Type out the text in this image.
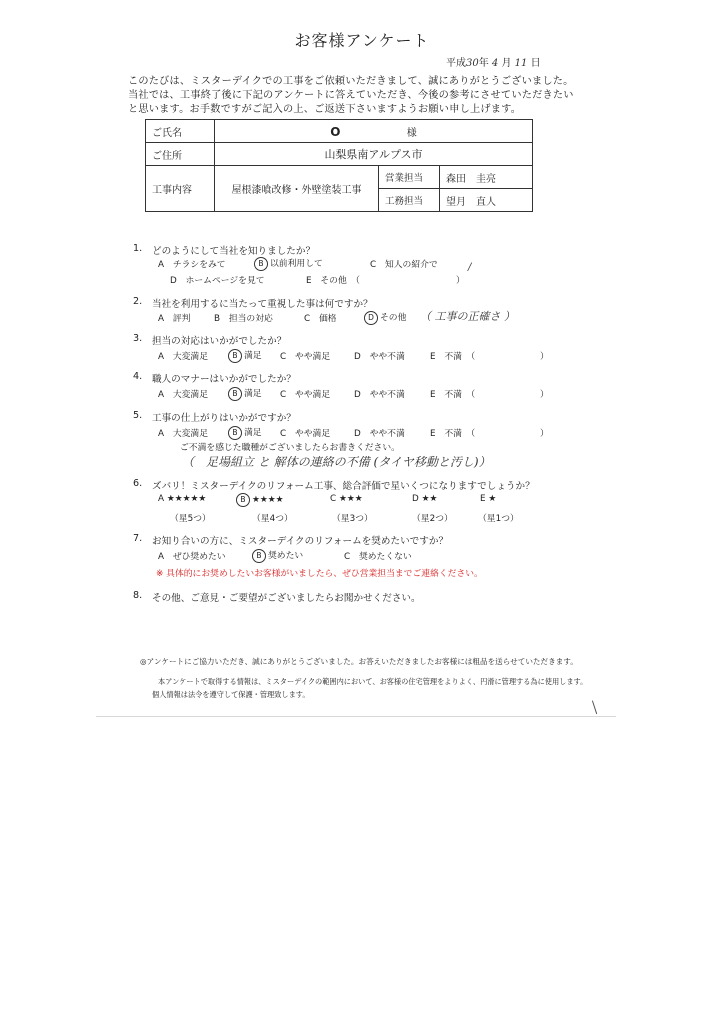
お客様アンケート
平成30年 4 月 11 日
このたびは、ミスターデイクでの工事をご依頼いただきまして、誠にありがとうございました。
当社では、工事終了後に下記のアンケートに答えていただき、今後の参考にさせていただきたい
と思います。お手数ですがご記入の上、ご返送下さいますようお願い申し上げます。
ご氏名	O 様		
ご住所	山梨県南アルプス市		
工事内容	屋根漆喰改修・外壁塗装工事	営業担当	森田　圭亮
		工務担当	望月　直人
1. どのようにして当社を知りましたか？
A　チラシをみて	B 以前利用して	C　知人の紹介で
D　ホームページを見て	E　その他　（	）
/
2. 当社を利用するに当たって重視した事は何ですか？
A　評判	B　担当の対応	C　価格	D その他 （ 工事の正確さ ）
3. 担当の対応はいかがでしたか？
A　大変満足	B 満足 C　やや満足	D　やや不満	E　不満　（	）
4. 職人のマナーはいかがでしたか？
A　大変満足	B 満足 C　やや満足	D　やや不満	E　不満　（	）
5. 工事の仕上がりはいかがですか？
A　大変満足	B 満足 C　やや満足	D　やや不満	E　不満　（	）
ご不満を感じた職種がございましたらお書きください。
（　足場組立 と 解体の連絡の不備 (タイヤ移動と汚し)）
6. ズバリ！ミスターデイクのリフォーム工事、総合評価で星いくつになりますでしょうか？
A ★★★★★	B ★★★★	C ★★★	D ★★	E ★
（星5つ）	（星4つ）	（星3つ）	（星2つ）	（星1つ）
7. お知り合いの方に、ミスターデイクのリフォームを奨めたいですか？
A　ぜひ奨めたい	B 奨めたい	C　奨めたくない
※ 具体的にお奨めしたいお客様がいましたら、ぜひ営業担当までご連絡ください。
8. その他、ご意見・ご要望がございましたらお聞かせください。
◎アンケートにご協力いただき、誠にありがとうございました。お答えいただきましたお客様には粗品を送らせていただきます。
本アンケートで取得する情報は、ミスターデイクの範囲内において、お客様の住宅管理をよりよく、円滑に管理する為に使用します。
個人情報は法令を遵守して保護・管理致します。
